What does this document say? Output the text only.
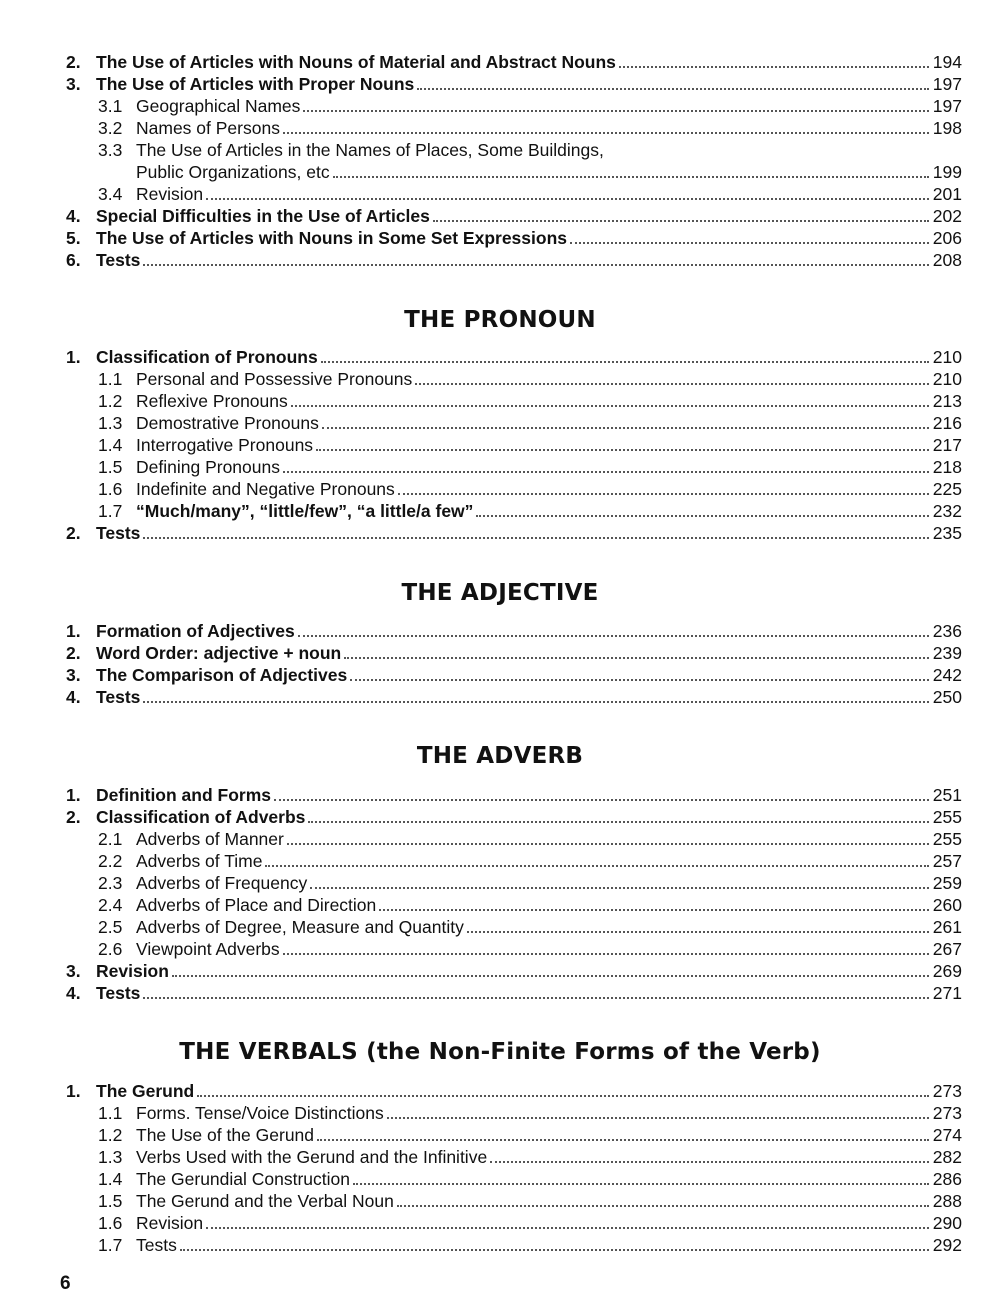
THE PRONOUN
THE ADJECTIVE
THE ADVERB
THE VERBALS (the Non-Finite Forms of the Verb)
2. The Use of Articles with Nouns of Material and Abstract Nouns	194
3. The Use of Articles with Proper Nouns	197
3.1 Geographical Names	197
3.2 Names of Persons	198
3.3 The Use of Articles in the Names of Places, Some Buildings,
Public Organizations, etc	199
3.4 Revision	201
4. Special Difficulties in the Use of Articles	202
5. The Use of Articles with Nouns in Some Set Expressions	206
6. Tests	208
1. Classification of Pronouns	210
1.1 Personal and Possessive Pronouns	210
1.2 Reflexive Pronouns	213
1.3 Demostrative Pronouns	216
1.4 Interrogative Pronouns	217
1.5 Defining Pronouns	218
1.6 Indefinite and Negative Pronouns	225
1.7 “Much/many”, “little/few”, “a little/a few”	232
2. Tests	235
1. Formation of Adjectives	236
2. Word Order: adjective + noun	239
3. The Comparison of Adjectives	242
4. Tests	250
1. Definition and Forms	251
2. Classification of Adverbs	255
2.1 Adverbs of Manner	255
2.2 Adverbs of Time	257
2.3 Adverbs of Frequency	259
2.4 Adverbs of Place and Direction	260
2.5 Adverbs of Degree, Measure and Quantity	261
2.6 Viewpoint Adverbs	267
3. Revision	269
4. Tests	271
1. The Gerund	273
1.1 Forms. Tense/Voice Distinctions	273
1.2 The Use of the Gerund	274
1.3 Verbs Used with the Gerund and the Infinitive	282
1.4 The Gerundial Construction	286
1.5 The Gerund and the Verbal Noun	288
1.6 Revision	290
1.7 Tests	292
6
